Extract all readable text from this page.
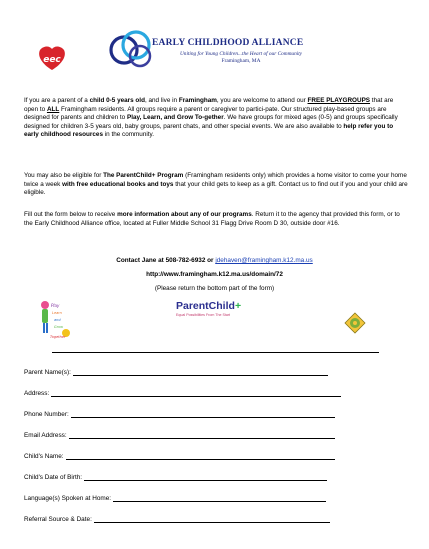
eec
EARLY CHILDHOOD ALLIANCE
Uniting for Young Children...the Heart of our Community
Framingham, MA

If you are a parent of a child 0-5 years old, and live in Framingham, you are welcome to attend our FREE PLAYGROUPS that are open to ALL Framingham residents. All groups require a parent or caregiver to partici-pate. Our structured play-based groups are designed for parents and children to Play, Learn, and Grow To-gether. We have groups for mixed ages (0-5) and groups specifically designed for children 3-5 years old, baby groups, parent chats, and other special events. We are also available to help refer you to early childhood resources in the community.

You may also be eligible for The ParentChild+ Program (Framingham residents only) which provides a home visitor to come your home twice a week with free educational books and toys that your child gets to keep as a gift. Contact us to find out if you and your child are eligible.

Fill out the form below to receive more information about any of our programs. Return it to the agency that provided this form, or to the Early Childhood Alliance office, located at Fuller Middle School 31 Flagg Drive Room D 30, outside door #16.

Contact Jane at 508-782-6932 or jdehaven@framingham.k12.ma.us
http://www.framingham.k12.ma.us/domain/72
(Please return the bottom part of the form)
Play
Learn
and
Grow
Together
ParentChild+
Equal Possibilities From The Start
Parent Name(s):
Address:
Phone Number:
Email Address:
Child's Name:
Child's Date of Birth:
Language(s) Spoken at Home:
Referral Source & Date:
